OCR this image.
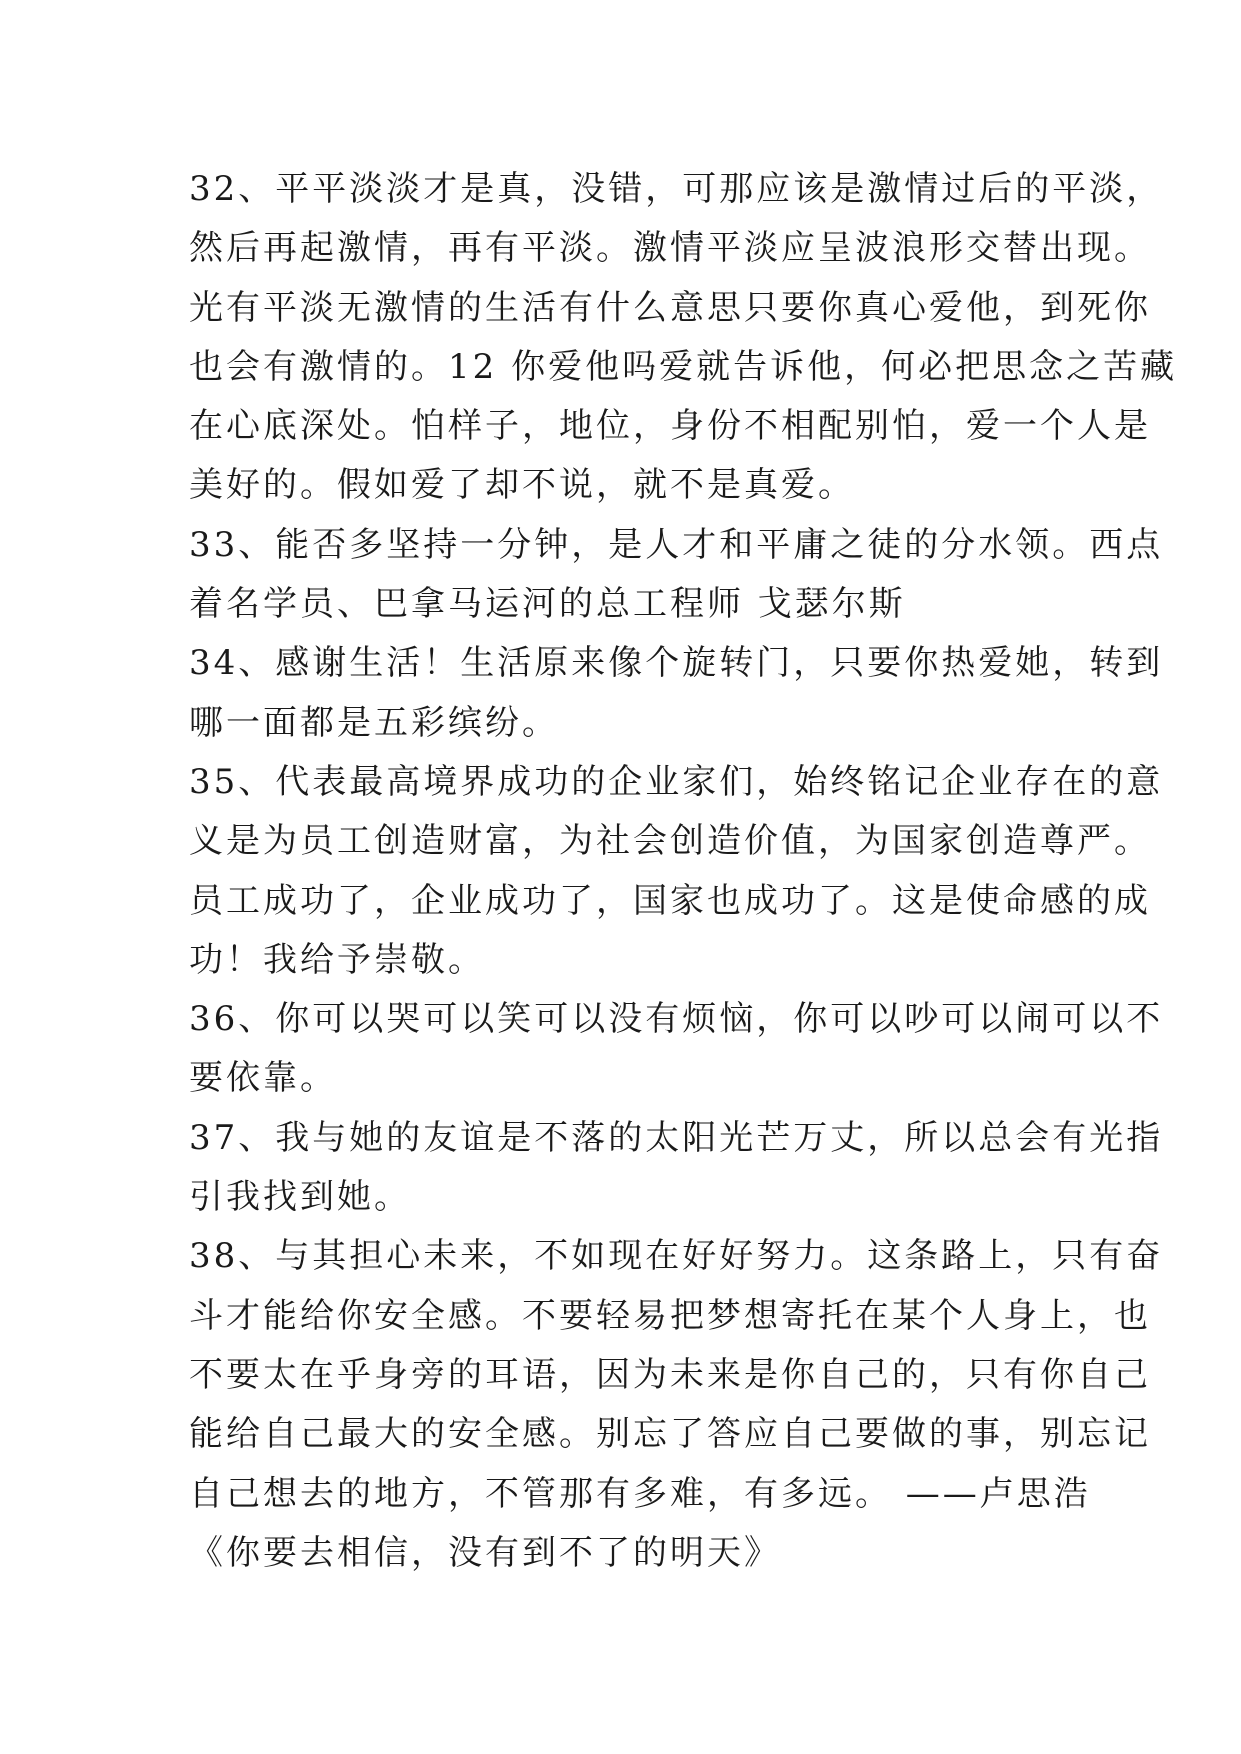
32、平平淡淡才是真，没错，可那应该是激情过后的平淡，
然后再起激情，再有平淡。激情平淡应呈波浪形交替出现。
光有平淡无激情的生活有什么意思只要你真心爱他，到死你
也会有激情的。12 你爱他吗爱就告诉他，何必把思念之苦藏
在心底深处。怕样子，地位，身份不相配别怕，爱一个人是
美好的。假如爱了却不说，就不是真爱。
33、能否多坚持一分钟，是人才和平庸之徒的分水领。西点
着名学员、巴拿马运河的总工程师 戈瑟尔斯
34、感谢生活！生活原来像个旋转门，只要你热爱她，转到
哪一面都是五彩缤纷。
35、代表最高境界成功的企业家们，始终铭记企业存在的意
义是为员工创造财富，为社会创造价值，为国家创造尊严。
员工成功了，企业成功了，国家也成功了。这是使命感的成
功！我给予崇敬。
36、你可以哭可以笑可以没有烦恼，你可以吵可以闹可以不
要依靠。
37、我与她的友谊是不落的太阳光芒万丈，所以总会有光指
引我找到她。
38、与其担心未来，不如现在好好努力。这条路上，只有奋
斗才能给你安全感。不要轻易把梦想寄托在某个人身上，也
不要太在乎身旁的耳语，因为未来是你自己的，只有你自己
能给自己最大的安全感。别忘了答应自己要做的事，别忘记
自己想去的地方，不管那有多难，有多远。 ——卢思浩
《你要去相信，没有到不了的明天》
